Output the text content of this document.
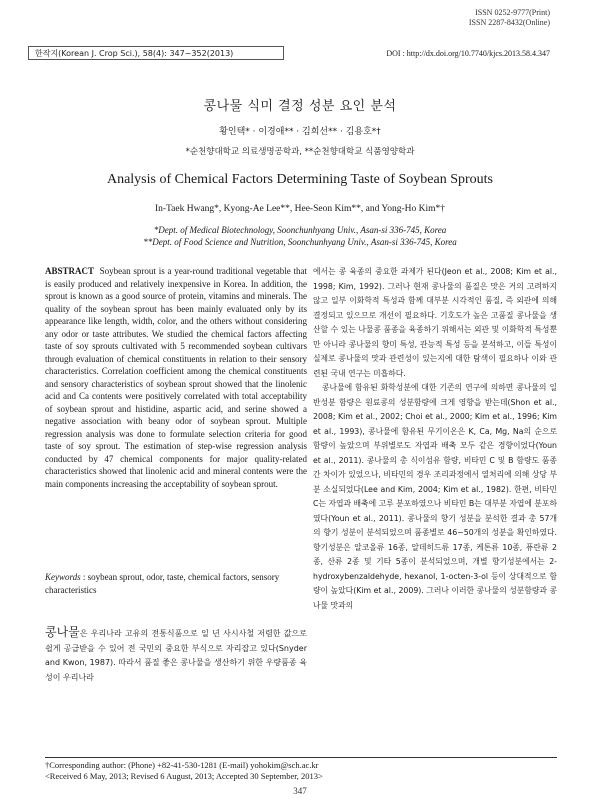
ISSN 0252-9777(Print)
ISSN 2287-8432(Online)
한작지(Korean J. Crop Sci.), 58(4): 347~352(2013)	DOI : http://dx.doi.org/10.7740/kjcs.2013.58.4.347
콩나물 식미 결정 성분 요인 분석
황인택* · 이경애** · 김희선** · 김용호*†
*순천향대학교 의료생명공학과, **순천향대학교 식품영양학과
Analysis of Chemical Factors Determining Taste of Soybean Sprouts
In-Taek Hwang*, Kyong-Ae Lee**, Hee-Seon Kim**, and Yong-Ho Kim*†
*Dept. of Medical Biotechnology, Soonchunhyang Univ., Asan-si 336-745, Korea
**Dept. of Food Science and Nutrition, Soonchunhyang Univ., Asan-si 336-745, Korea
ABSTRACT Soybean sprout is a year-round traditional vegetable that is easily produced and relatively inexpensive in Korea. In addition, the sprout is known as a good source of protein, vitamins and minerals. The quality of the soybean sprout has been mainly evaluated only by its appearance like length, width, color, and the others without considering any odor or taste attributes. We studied the chemical factors affecting taste of soy sprouts cultivated with 5 recommended soybean cultivars through evaluation of chemical constituents in relation to their sensory characteristics. Correlation coefficient among the chemical constituents and sensory characteristics of soybean sprout showed that the linolenic acid and Ca contents were positively correlated with total acceptability of soybean sprout and histidine, aspartic acid, and serine showed a negative association with beany odor of soybean sprout. Multiple regression analysis was done to formulate selection criteria for good taste of soy sprout. The estimation of step-wise regression analysis conducted by 47 chemical components for major quality-related characteristics showed that linolenic acid and mineral contents were the main components increasing the acceptability of soybean sprout.
Keywords : soybean sprout, odor, taste, chemical factors, sensory characteristics
콩나물은 우리나라 고유의 전통식품으로 일 년 사시사철 저렴한 값으로 쉽게 공급받을 수 있어 전 국민의 중요한 부식으로 자리잡고 있다(Snyder and Kwon, 1987). 따라서 품질 좋은 콩나물을 생산하기 위한 우량품종 육성이 우리나라

에서는 콩 육종의 중요한 과제가 된다(Jeon et al., 2008; Kim et al., 1998; Kim, 1992). 그러나 현재 콩나물의 품질은 맛은 거의 고려하지 않고 일부 이화학적 특성과 함께 대부분 시각적인 품질, 즉 외관에 의해 결정되고 있으므로 개선이 필요하다. 기호도가 높은 고품질 콩나물을 생산할 수 있는 나물콩 품종을 육종하기 위해서는 외관 및 이화학적 특성뿐만 아니라 콩나물의 향미 특성, 관능적 특성 등을 분석하고, 이들 특성이 실제로 콩나물의 맛과 관련성이 있는지에 대한 탐색이 필요하나 이와 관련된 국내 연구는 미흡하다.

콩나물에 함유된 화학성분에 대한 기존의 연구에 의하면 콩나물의 일반성분 함량은 원료콩의 성분함량에 크게 영향을 받는데(Shon et al., 2008; Kim et al., 2002; Choi et al., 2000; Kim et al., 1996; Kim et al., 1993), 콩나물에 함유된 무기이온은 K, Ca, Mg, Na의 순으로 함량이 높았으며 부위별로도 자엽과 배축 모두 같은 경향이었다(Youn et al., 2011). 콩나물의 총 식이섬유 함량, 비타민 C 및 B 함량도 품종 간 차이가 있었으나, 비타민의 경우 조리과정에서 열처리에 의해 상당 부분 소실되었다(Lee and Kim, 2004; Kim et al., 1982). 한편, 비타민 C는 자엽과 배축에 고루 분포하였으나 비타민 B는 대부분 자엽에 분포하였다(Youn et al., 2011). 콩나물의 향기 성분을 분석한 결과 총 57개의 향기 성분이 분석되었으며 품종별로 46~50개의 성분을 확인하였다. 향기성분은 알코올류 16종, 알데히드류 17종, 케톤류 10종, 퓨란류 2종, 산류 2종 및 기타 5종이 분석되었으며, 개별 향기성분에서는 2-hydroxybenzaldehyde, hexanol, 1-octen-3-ol 등이 상대적으로 함량이 높았다(Kim et al., 2009). 그러나 이러한 콩나물의 성분함량과 콩나물 맛과의

†Corresponding author: (Phone) +82-41-530-1281 (E-mail) yohokim@sch.ac.kr
<Received 6 May, 2013; Revised 6 August, 2013; Accepted 30 September, 2013>
347
